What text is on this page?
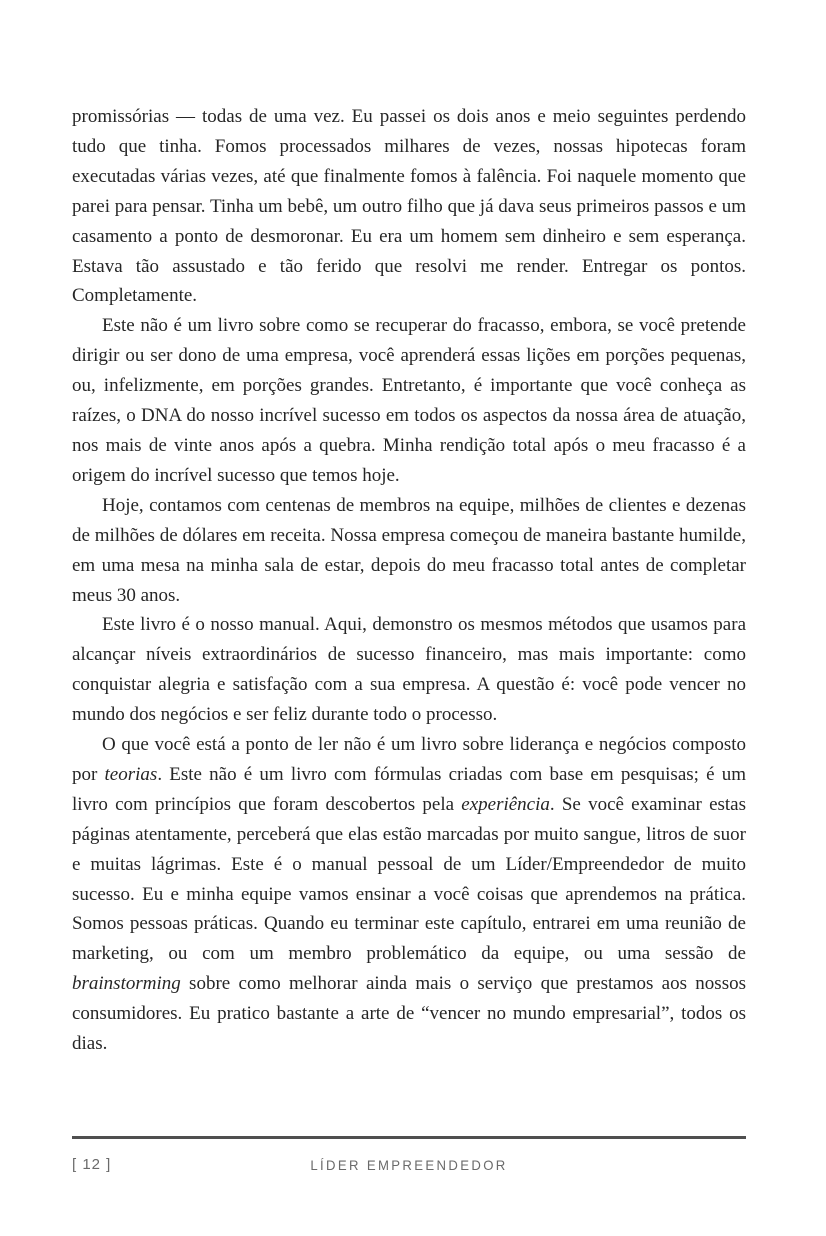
promissórias — todas de uma vez. Eu passei os dois anos e meio seguintes perdendo tudo que tinha. Fomos processados milhares de vezes, nossas hipotecas foram executadas várias vezes, até que finalmente fomos à falência. Foi naquele momento que parei para pensar. Tinha um bebê, um outro filho que já dava seus primeiros passos e um casamento a ponto de desmoronar. Eu era um homem sem dinheiro e sem esperança. Estava tão assustado e tão ferido que resolvi me render. Entregar os pontos. Completamente.

Este não é um livro sobre como se recuperar do fracasso, embora, se você pretende dirigir ou ser dono de uma empresa, você aprenderá essas lições em porções pequenas, ou, infelizmente, em porções grandes. Entretanto, é importante que você conheça as raízes, o DNA do nosso incrível sucesso em todos os aspectos da nossa área de atuação, nos mais de vinte anos após a quebra. Minha rendição total após o meu fracasso é a origem do incrível sucesso que temos hoje.

Hoje, contamos com centenas de membros na equipe, milhões de clientes e dezenas de milhões de dólares em receita. Nossa empresa começou de maneira bastante humilde, em uma mesa na minha sala de estar, depois do meu fracasso total antes de completar meus 30 anos.

Este livro é o nosso manual. Aqui, demonstro os mesmos métodos que usamos para alcançar níveis extraordinários de sucesso financeiro, mas mais importante: como conquistar alegria e satisfação com a sua empresa. A questão é: você pode vencer no mundo dos negócios e ser feliz durante todo o processo.

O que você está a ponto de ler não é um livro sobre liderança e negócios composto por teorias. Este não é um livro com fórmulas criadas com base em pesquisas; é um livro com princípios que foram descobertos pela experiência. Se você examinar estas páginas atentamente, perceberá que elas estão marcadas por muito sangue, litros de suor e muitas lágrimas. Este é o manual pessoal de um Líder/Empreendedor de muito sucesso. Eu e minha equipe vamos ensinar a você coisas que aprendemos na prática. Somos pessoas práticas. Quando eu terminar este capítulo, entrarei em uma reunião de marketing, ou com um membro problemático da equipe, ou uma sessão de brainstorming sobre como melhorar ainda mais o serviço que prestamos aos nossos consumidores. Eu pratico bastante a arte de “vencer no mundo empresarial”, todos os dias.

[ 12 ]	LÍDER EMPREENDEDOR
